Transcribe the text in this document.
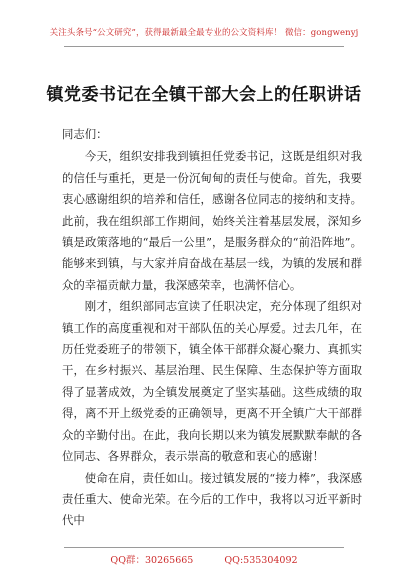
关注头条号“公文研究”，获得最新最全最专业的公文资料库！ 微信：gongwenyj
镇党委书记在全镇干部大会上的任职讲话

同志们：

今天，组织安排我到镇担任党委书记，这既是组织对我的信任与重托，更是一份沉甸甸的责任与使命。首先，我要衷心感谢组织的培养和信任，感谢各位同志的接纳和支持。此前，我在组织部工作期间，始终关注着基层发展，深知乡镇是政策落地的“最后一公里”，是服务群众的“前沿阵地”。能够来到镇，与大家并肩奋战在基层一线，为镇的发展和群众的幸福贡献力量，我深感荣幸，也满怀信心。

刚才，组织部同志宣读了任职决定，充分体现了组织对镇工作的高度重视和对干部队伍的关心厚爱。过去几年，在历任党委班子的带领下，镇全体干部群众凝心聚力、真抓实干，在乡村振兴、基层治理、民生保障、生态保护等方面取得了显著成效，为全镇发展奠定了坚实基础。这些成绩的取得，离不开上级党委的正确领导，更离不开全镇广大干部群众的辛勤付出。在此，我向长期以来为镇发展默默奉献的各位同志、各界群众，表示崇高的敬意和衷心的感谢！

使命在肩，责任如山。接过镇发展的“接力棒”，我深感责任重大、使命光荣。在今后的工作中，我将以习近平新时代中

QQ群：30265665	QQ:535304092
